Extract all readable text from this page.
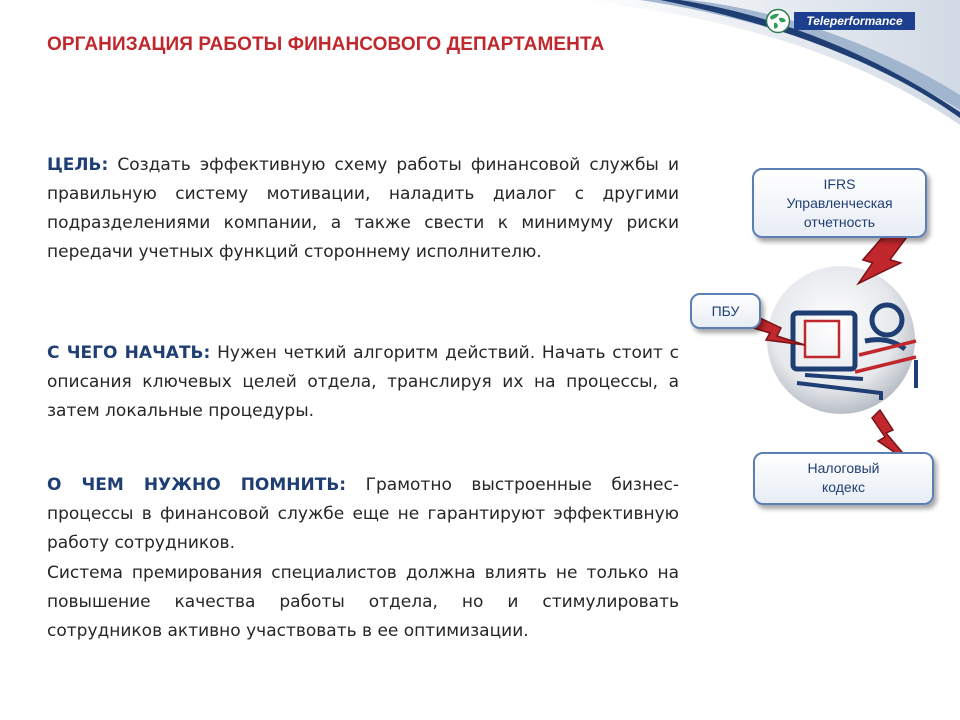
Teleperformance
ОРГАНИЗАЦИЯ РАБОТЫ ФИНАНСОВОГО ДЕПАРТАМЕНТА

ЦЕЛЬ: Создать эффективную схему работы финансовой службы и правильную систему мотивации, наладить диалог с другими подразделениями компании, а также свести к минимуму риски передачи учетных функций стороннему исполнителю.

С ЧЕГО НАЧАТЬ: Нужен четкий алгоритм действий. Начать стоит с описания ключевых целей отдела, транслируя их на процессы, а затем локальные процедуры.

О ЧЕМ НУЖНО ПОМНИТЬ: Грамотно выстроенные бизнес-процессы в финансовой службе еще не гарантируют эффективную работу сотрудников.

Система премирования специалистов должна влиять не только на повышение качества работы отдела, но и стимулировать сотрудников активно участвовать в ее оптимизации.

IFRS
Управленческая
отчетность
ПБУ
Налоговый
кодекс
